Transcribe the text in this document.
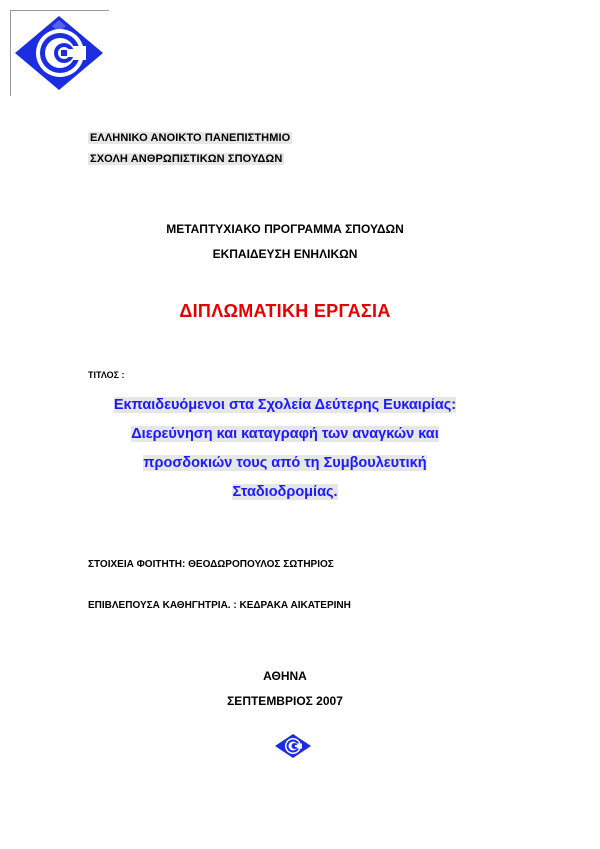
ΕΛΛΗΝΙΚΟ ΑΝΟΙΚΤΟ ΠΑΝΕΠΙΣΤΗΜΙΟ
ΣΧΟΛΗ ΑΝΘΡΩΠΙΣΤΙΚΩΝ ΣΠΟΥΔΩΝ
ΜΕΤΑΠΤΥΧΙΑΚΟ ΠΡΟΓΡΑΜΜΑ ΣΠΟΥΔΩΝ
ΕΚΠΑΙΔΕΥΣΗ ΕΝΗΛΙΚΩΝ
ΔΙΠΛΩΜΑΤΙΚΗ ΕΡΓΑΣΙΑ
ΤΙΤΛΟΣ :
Εκπαιδευόμενοι στα Σχολεία Δεύτερης Ευκαιρίας:
Διερεύνηση και καταγραφή των αναγκών και
προσδοκιών τους από τη Συμβουλευτική
Σταδιοδρομίας.
ΣΤΟΙΧΕΙΑ ΦΟΙΤΗΤΗ: ΘΕΟΔΩΡΟΠΟΥΛΟΣ ΣΩΤΗΡΙΟΣ
ΕΠΙΒΛΕΠΟΥΣΑ ΚΑΘΗΓΗΤΡΙΑ. : ΚΕΔΡΑΚΑ ΑΙΚΑΤΕΡΙΝΗ
ΑΘΗΝΑ
ΣΕΠΤΕΜΒΡΙΟΣ 2007
